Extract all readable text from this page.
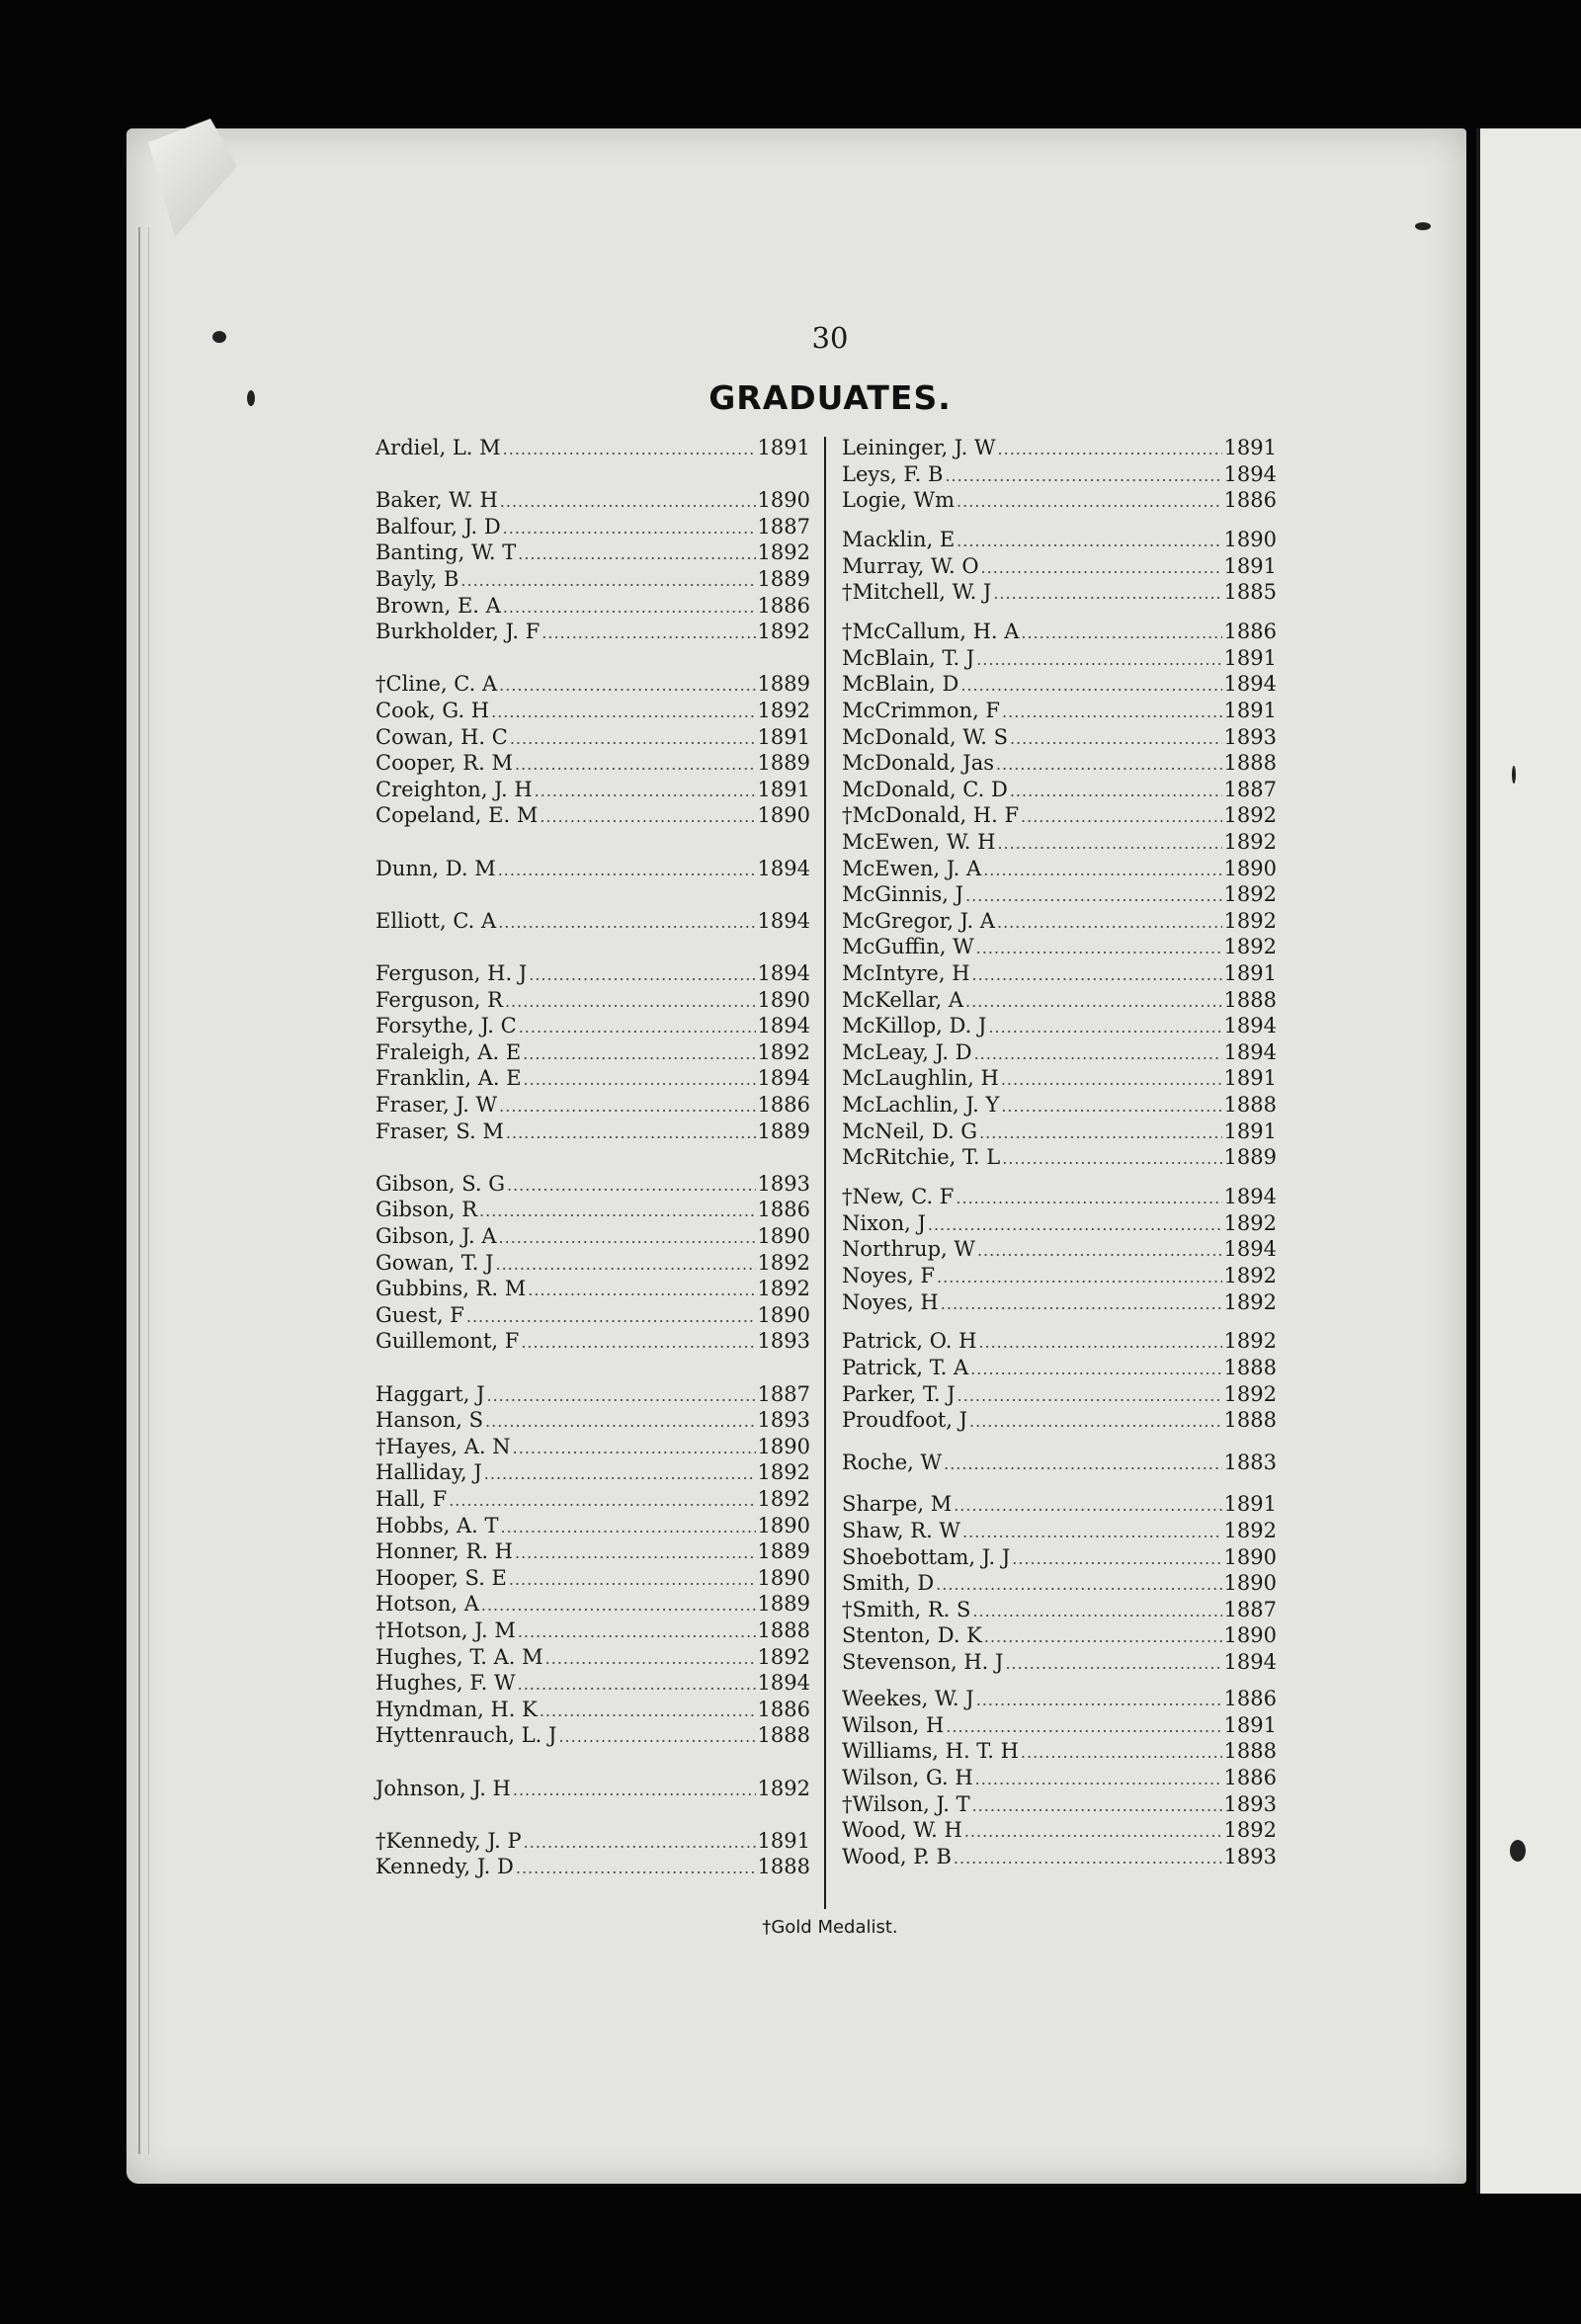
30
GRADUATES.
Ardiel, L. M .....	1891
Baker, W. H .....	1890
Balfour, J. D .....	1887
Banting, W. T .....	1892
Bayly, B .....	1889
Brown, E. A .....	1886
Burkholder, J. F .....	1892
†Cline, C. A .....	1889
Cook, G. H .....	1892
Cowan, H. C .....	1891
Cooper, R. M .....	1889
Creighton, J. H .....	1891
Copeland, E. M .....	1890
Dunn, D. M .....	1894
Elliott, C. A .....	1894
Ferguson, H. J .....	1894
Ferguson, R .....	1890
Forsythe, J. C .....	1894
Fraleigh, A. E .....	1892
Franklin, A. E .....	1894
Fraser, J. W .....	1886
Fraser, S. M .....	1889
Gibson, S. G .....	1893
Gibson, R .....	1886
Gibson, J. A .....	1890
Gowan, T. J .....	1892
Gubbins, R. M .....	1892
Guest, F .....	1890
Guillemont, F .....	1893
Haggart, J .....	1887
Hanson, S .....	1893
†Hayes, A. N .....	1890
Halliday, J .....	1892
Hall, F .....	1892
Hobbs, A. T .....	1890
Honner, R. H .....	1889
Hooper, S. E .....	1890
Hotson, A .....	1889
†Hotson, J. M .....	1888
Hughes, T. A. M .....	1892
Hughes, F. W .....	1894
Hyndman, H. K .....	1886
Hyttenrauch, L. J .....	1888
Johnson, J. H .....	1892
†Kennedy, J. P .....	1891
Kennedy, J. D .....	1888
Leininger, J. W .....	1891
Leys, F. B .....	1894
Logie, Wm .....	1886
Macklin, E .....	1890
Murray, W. O .....	1891
†Mitchell, W. J .....	1885
†McCallum, H. A .....	1886
McBlain, T. J .....	1891
McBlain, D .....	1894
McCrimmon, F .....	1891
McDonald, W. S .....	1893
McDonald, Jas .....	1888
McDonald, C. D .....	1887
†McDonald, H. F .....	1892
McEwen, W. H .....	1892
McEwen, J. A .....	1890
McGinnis, J .....	1892
McGregor, J. A .....	1892
McGuffin, W .....	1892
McIntyre, H .....	1891
McKellar, A .....	1888
McKillop, D. J .....	1894
McLeay, J. D .....	1894
McLaughlin, H .....	1891
McLachlin, J. Y .....	1888
McNeil, D. G .....	1891
McRitchie, T. L .....	1889
†New, C. F .....	1894
Nixon, J .....	1892
Northrup, W .....	1894
Noyes, F .....	1892
Noyes, H .....	1892
Patrick, O. H .....	1892
Patrick, T. A .....	1888
Parker, T. J .....	1892
Proudfoot, J .....	1888
Roche, W .....	1883
Sharpe, M .....	1891
Shaw, R. W .....	1892
Shoebottam, J. J .....	1890
Smith, D .....	1890
†Smith, R. S .....	1887
Stenton, D. K .....	1890
Stevenson, H. J .....	1894
Weekes, W. J .....	1886
Wilson, H .....	1891
Williams, H. T. H .....	1888
Wilson, G. H .....	1886
†Wilson, J. T .....	1893
Wood, W. H .....	1892
Wood, P. B .....	1893
†Gold Medalist.
